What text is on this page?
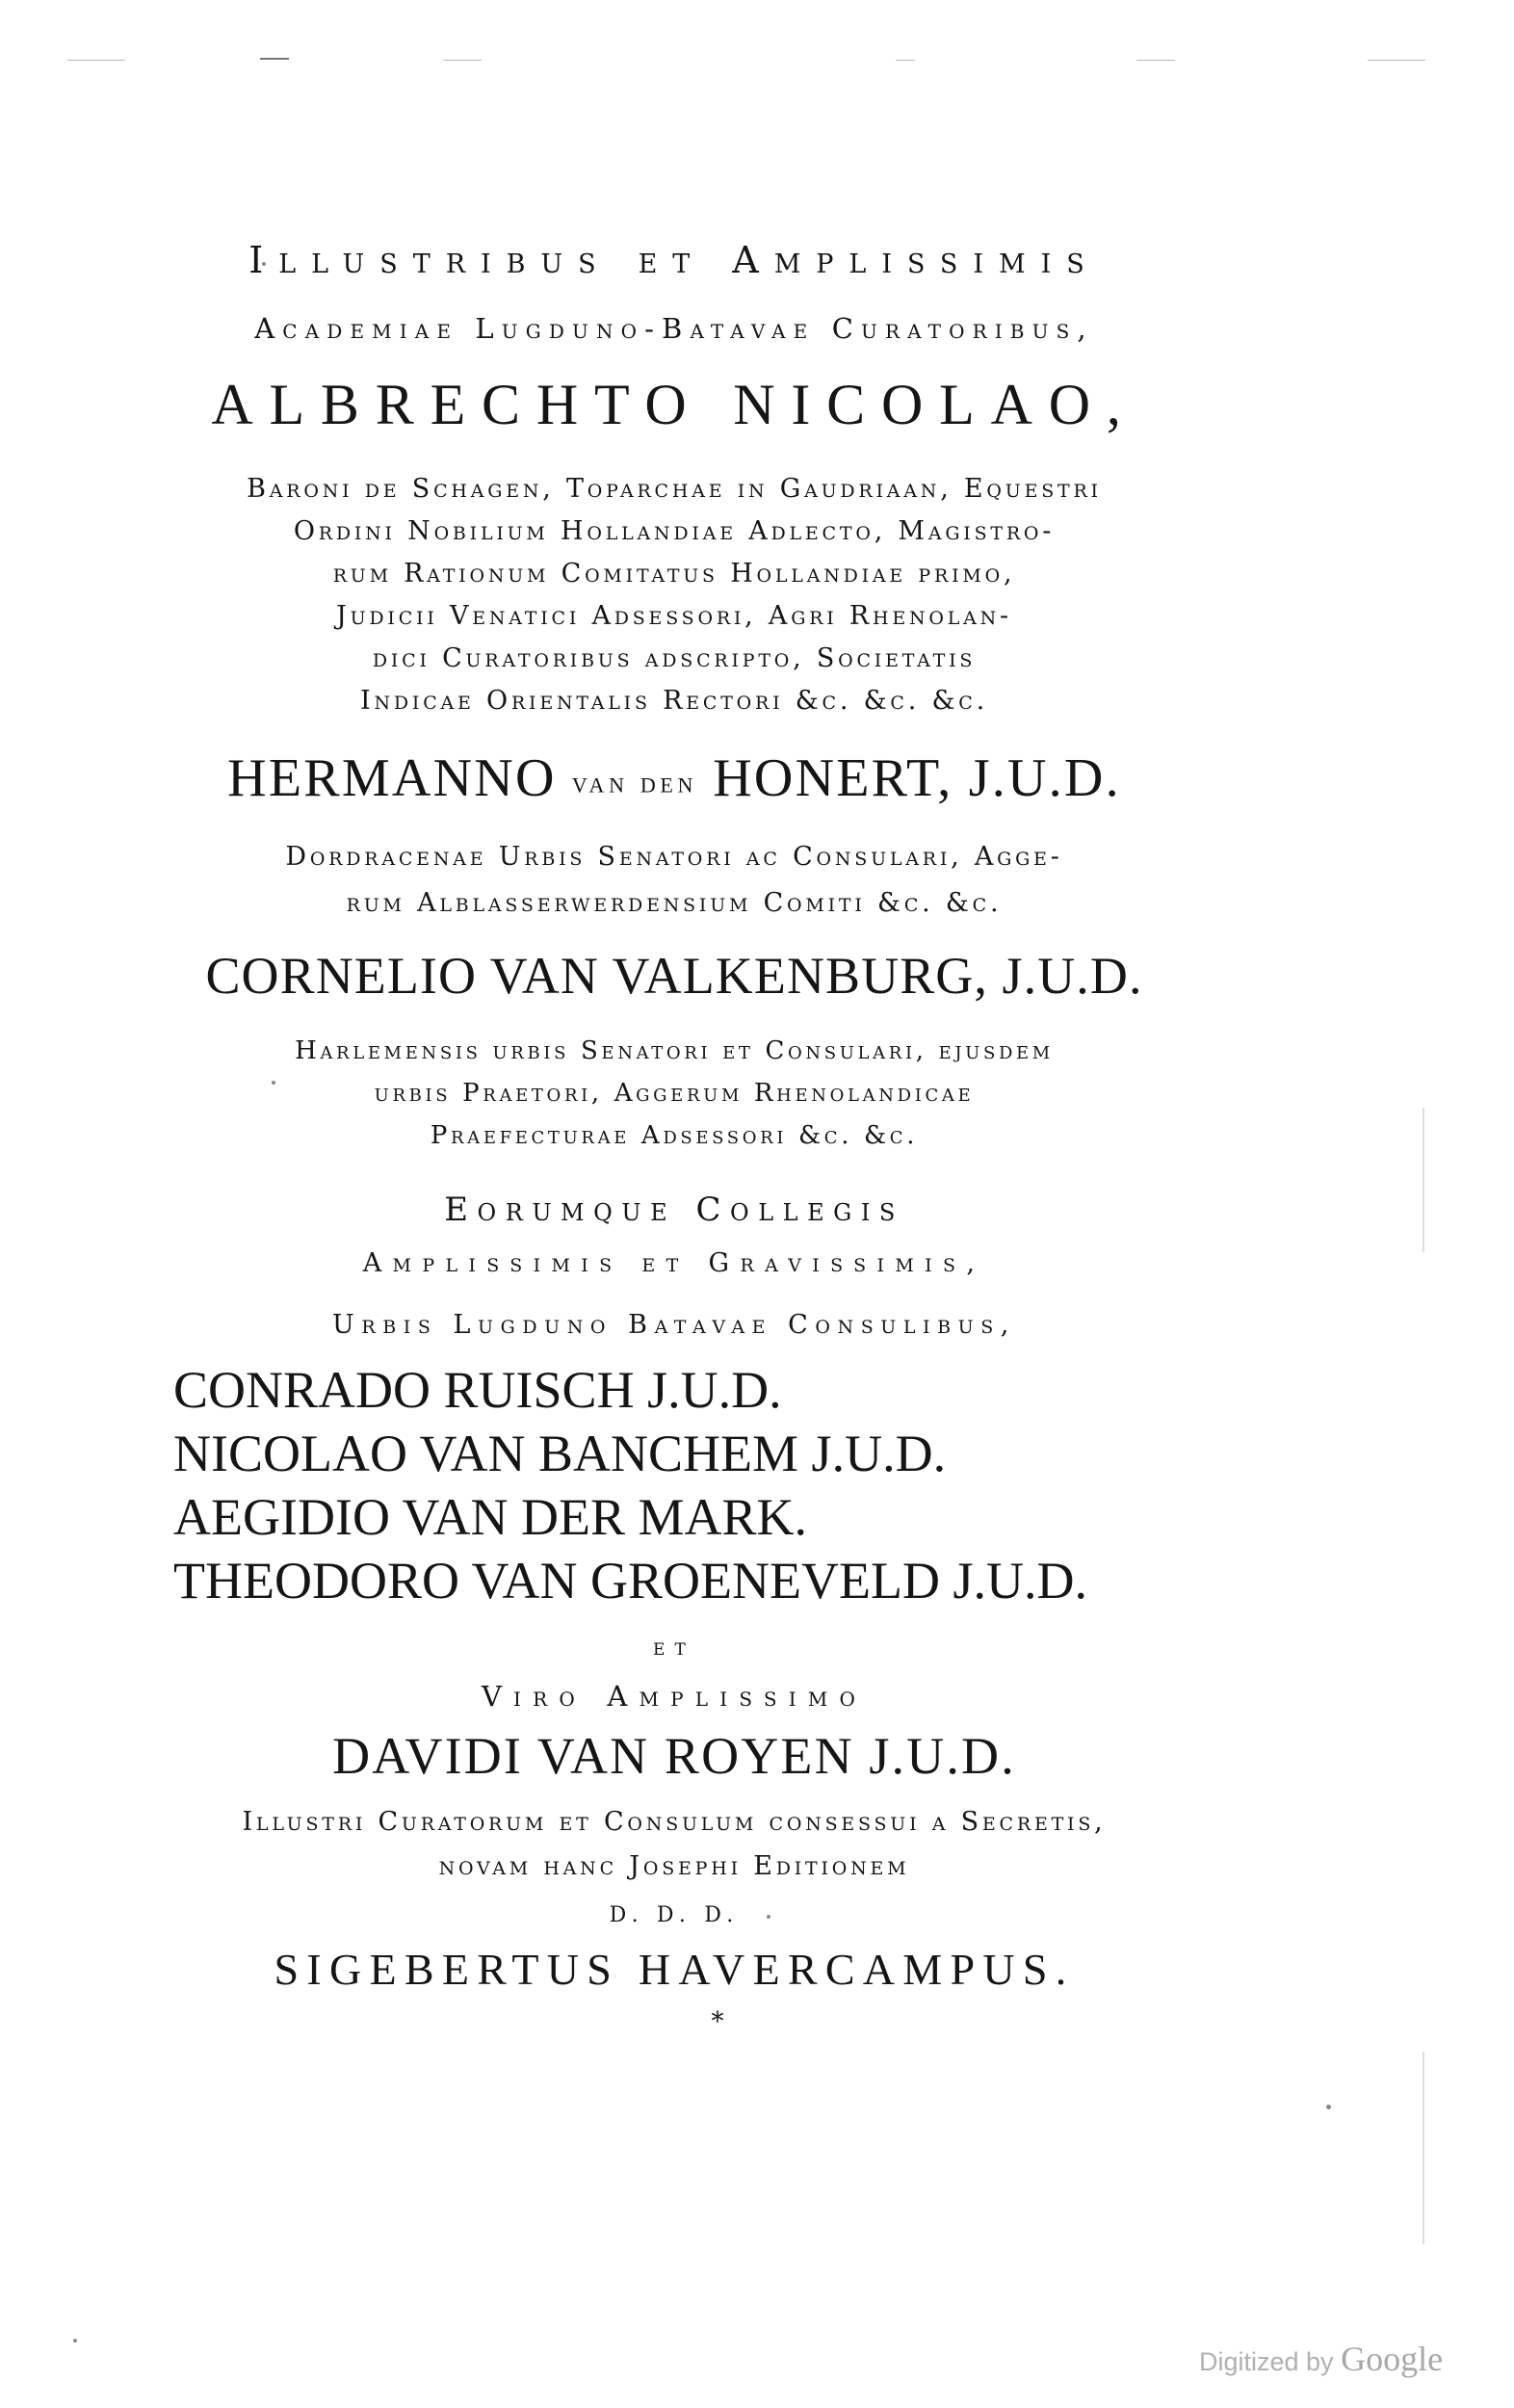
Illustribus et Amplissimis

Academiae Lugduno-Batavae Curatoribus,

ALBRECHTO NICOLAO,

Baroni de Schagen, Toparchae in Gaudriaan, Equestri

Ordini Nobilium Hollandiae Adlecto, Magistro-

rum Rationum Comitatus Hollandiae primo,

Judicii Venatici Adsessori, Agri Rhenolan-

dici Curatoribus adscripto, Societatis

Indicae Orientalis Rectori &c. &c. &c.

HERMANNO van den HONERT, J.U.D.

Dordracenae Urbis Senatori ac Consulari, Agge-

rum Alblasserwerdensium Comiti &c. &c.

CORNELIO VAN VALKENBURG, J.U.D.

Harlemensis urbis Senatori et Consulari, ejusdem

urbis Praetori, Aggerum Rhenolandicae

Praefecturae Adsessori &c. &c.

Eorumque Collegis

Amplissimis et Gravissimis,

Urbis Lugduno Batavae Consulibus,

CONRADO RUISCH J.U.D.

NICOLAO VAN BANCHEM J.U.D.

AEGIDIO VAN DER MARK.

THEODORO VAN GROENEVELD J.U.D.

et

Viro Amplissimo

DAVIDI VAN ROYEN J.U.D.

Illustri Curatorum et Consulum consessui a Secretis,

novam hanc Josephi Editionem

D. D. D.

SIGEBERTUS HAVERCAMPUS.

*

Digitized by Google
